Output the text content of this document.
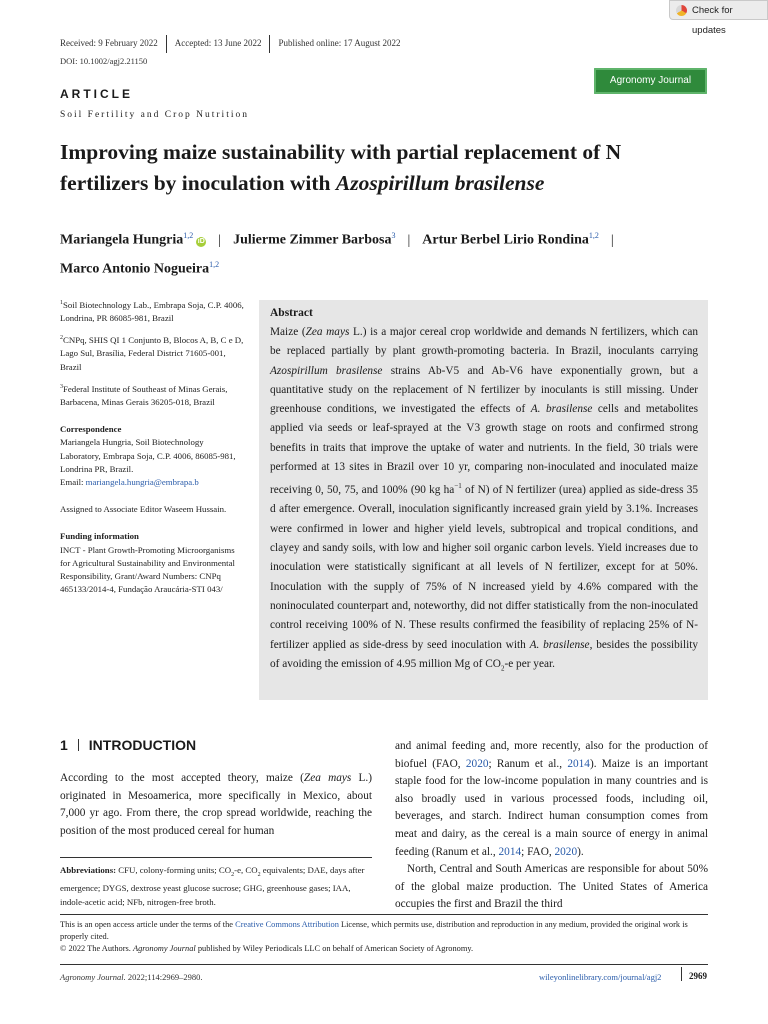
Check for updates
Received: 9 February 2022 Accepted: 13 June 2022 Published online: 17 August 2022
DOI: 10.1002/agj2.21150
Agronomy Journal
ARTICLE
Soil Fertility and Crop Nutrition
Improving maize sustainability with partial replacement of N fertilizers by inoculation with Azospirillum brasilense
Mariangela Hungria$^{1,2}$iD | Julierme Zimmer Barbosa$^3$ | Artur Berbel Lirio Rondina$^{1,2}$ |
Marco Antonio Nogueira$^{1,2}$

$^1$Soil Biotechnology Lab., Embrapa Soja, C.P. 4006, Londrina, PR 86085-981, Brazil

$^2$CNPq, SHIS QI 1 Conjunto B, Blocos A, B, C e D, Lago Sul, Brasília, Federal District 71605-001, Brazil

$^3$Federal Institute of Southeast of Minas Gerais, Barbacena, Minas Gerais 36205-018, Brazil

Correspondence

Mariangela Hungria, Soil Biotechnology Laboratory, Embrapa Soja, C.P. 4006, 86085-981, Londrina PR, Brazil.
Email: mariangela.hungria@embrapa.b

Assigned to Associate Editor Waseem Hussain.

Funding information

INCT - Plant Growth-Promoting Microorganisms for Agricultural Sustainability and Environmental Responsibility, Grant/Award Numbers: CNPq 465133/2014-4, Fundação Araucária-STI 043/

Abstract

Maize (Zea mays L.) is a major cereal crop worldwide and demands N fertilizers, which can be replaced partially by plant growth-promoting bacteria. In Brazil, inoculants carrying Azospirillum brasilense strains Ab-V5 and Ab-V6 have exponentially grown, but a quantitative study on the replacement of N fertilizer by inoculants is still missing. Under greenhouse conditions, we investigated the effects of A. brasilense cells and metabolites applied via seeds or leaf-sprayed at the V3 growth stage on roots and confirmed strong benefits in traits that improve the uptake of water and nutrients. In the field, 30 trials were performed at 13 sites in Brazil over 10 yr, comparing non-inoculated and inoculated maize receiving 0, 50, 75, and 100% (90 kg $ha^{-1}$ of N) of N fertilizer (urea) applied as side-dress 35 d after emergence. Overall, inoculation significantly increased grain yield by 3.1%. Increases were confirmed in lower and higher yield levels, subtropical and tropical conditions, and clayey and sandy soils, with low and higher soil organic carbon levels. Yield increases due to inoculation were statistically significant at all levels of N fertilizer, except for at 50%. Inoculation with the supply of 75% of N increased yield by 4.6% compared with the noninoculated counterpart and, noteworthy, did not differ statistically from the non-inoculated control receiving 100% of N. These results confirmed the feasibility of replacing 25% of N-fertilizer applied as side-dress by seed inoculation with A. brasilense, besides the possibility of avoiding the emission of 4.95 million Mg of $CO_2-e$ per year.

1 INTRODUCTION

According to the most accepted theory, maize (Zea mays L.) originated in Mesoamerica, more specifically in Mexico, about 7,000 yr ago. From there, the crop spread worldwide, reaching the position of the most produced cereal for human

Abbreviations: CFU, colony-forming units; $CO_2-e$, $CO_2$ equivalents; DAE, days after emergence; DYGS, dextrose yeast glucose sucrose; GHG, greenhouse gases; IAA, indole-acetic acid; NFb, nitrogen-free broth.

and animal feeding and, more recently, also for the production of biofuel (FAO, 2020; Ranum et al., 2014). Maize is an important staple food for the low-income population in many countries and is also broadly used in various processed foods, including oil, beverages, and starch. Indirect human consumption comes from meat and dairy, as the cereal is a main source of energy in animal feeding (Ranum et al., 2014; FAO, 2020).

North, Central and South Americas are responsible for about 50% of the global maize production. The United States of America occupies the first and Brazil the third

This is an open access article under the terms of the Creative Commons Attribution License, which permits use, distribution and reproduction in any medium, provided the original work is properly cited.
© 2022 The Authors. Agronomy Journal published by Wiley Periodicals LLC on behalf of American Society of Agronomy.
Agronomy Journal. 2022;114:2969–2980.	wileyonlinelibrary.com/journal/agj2	2969
